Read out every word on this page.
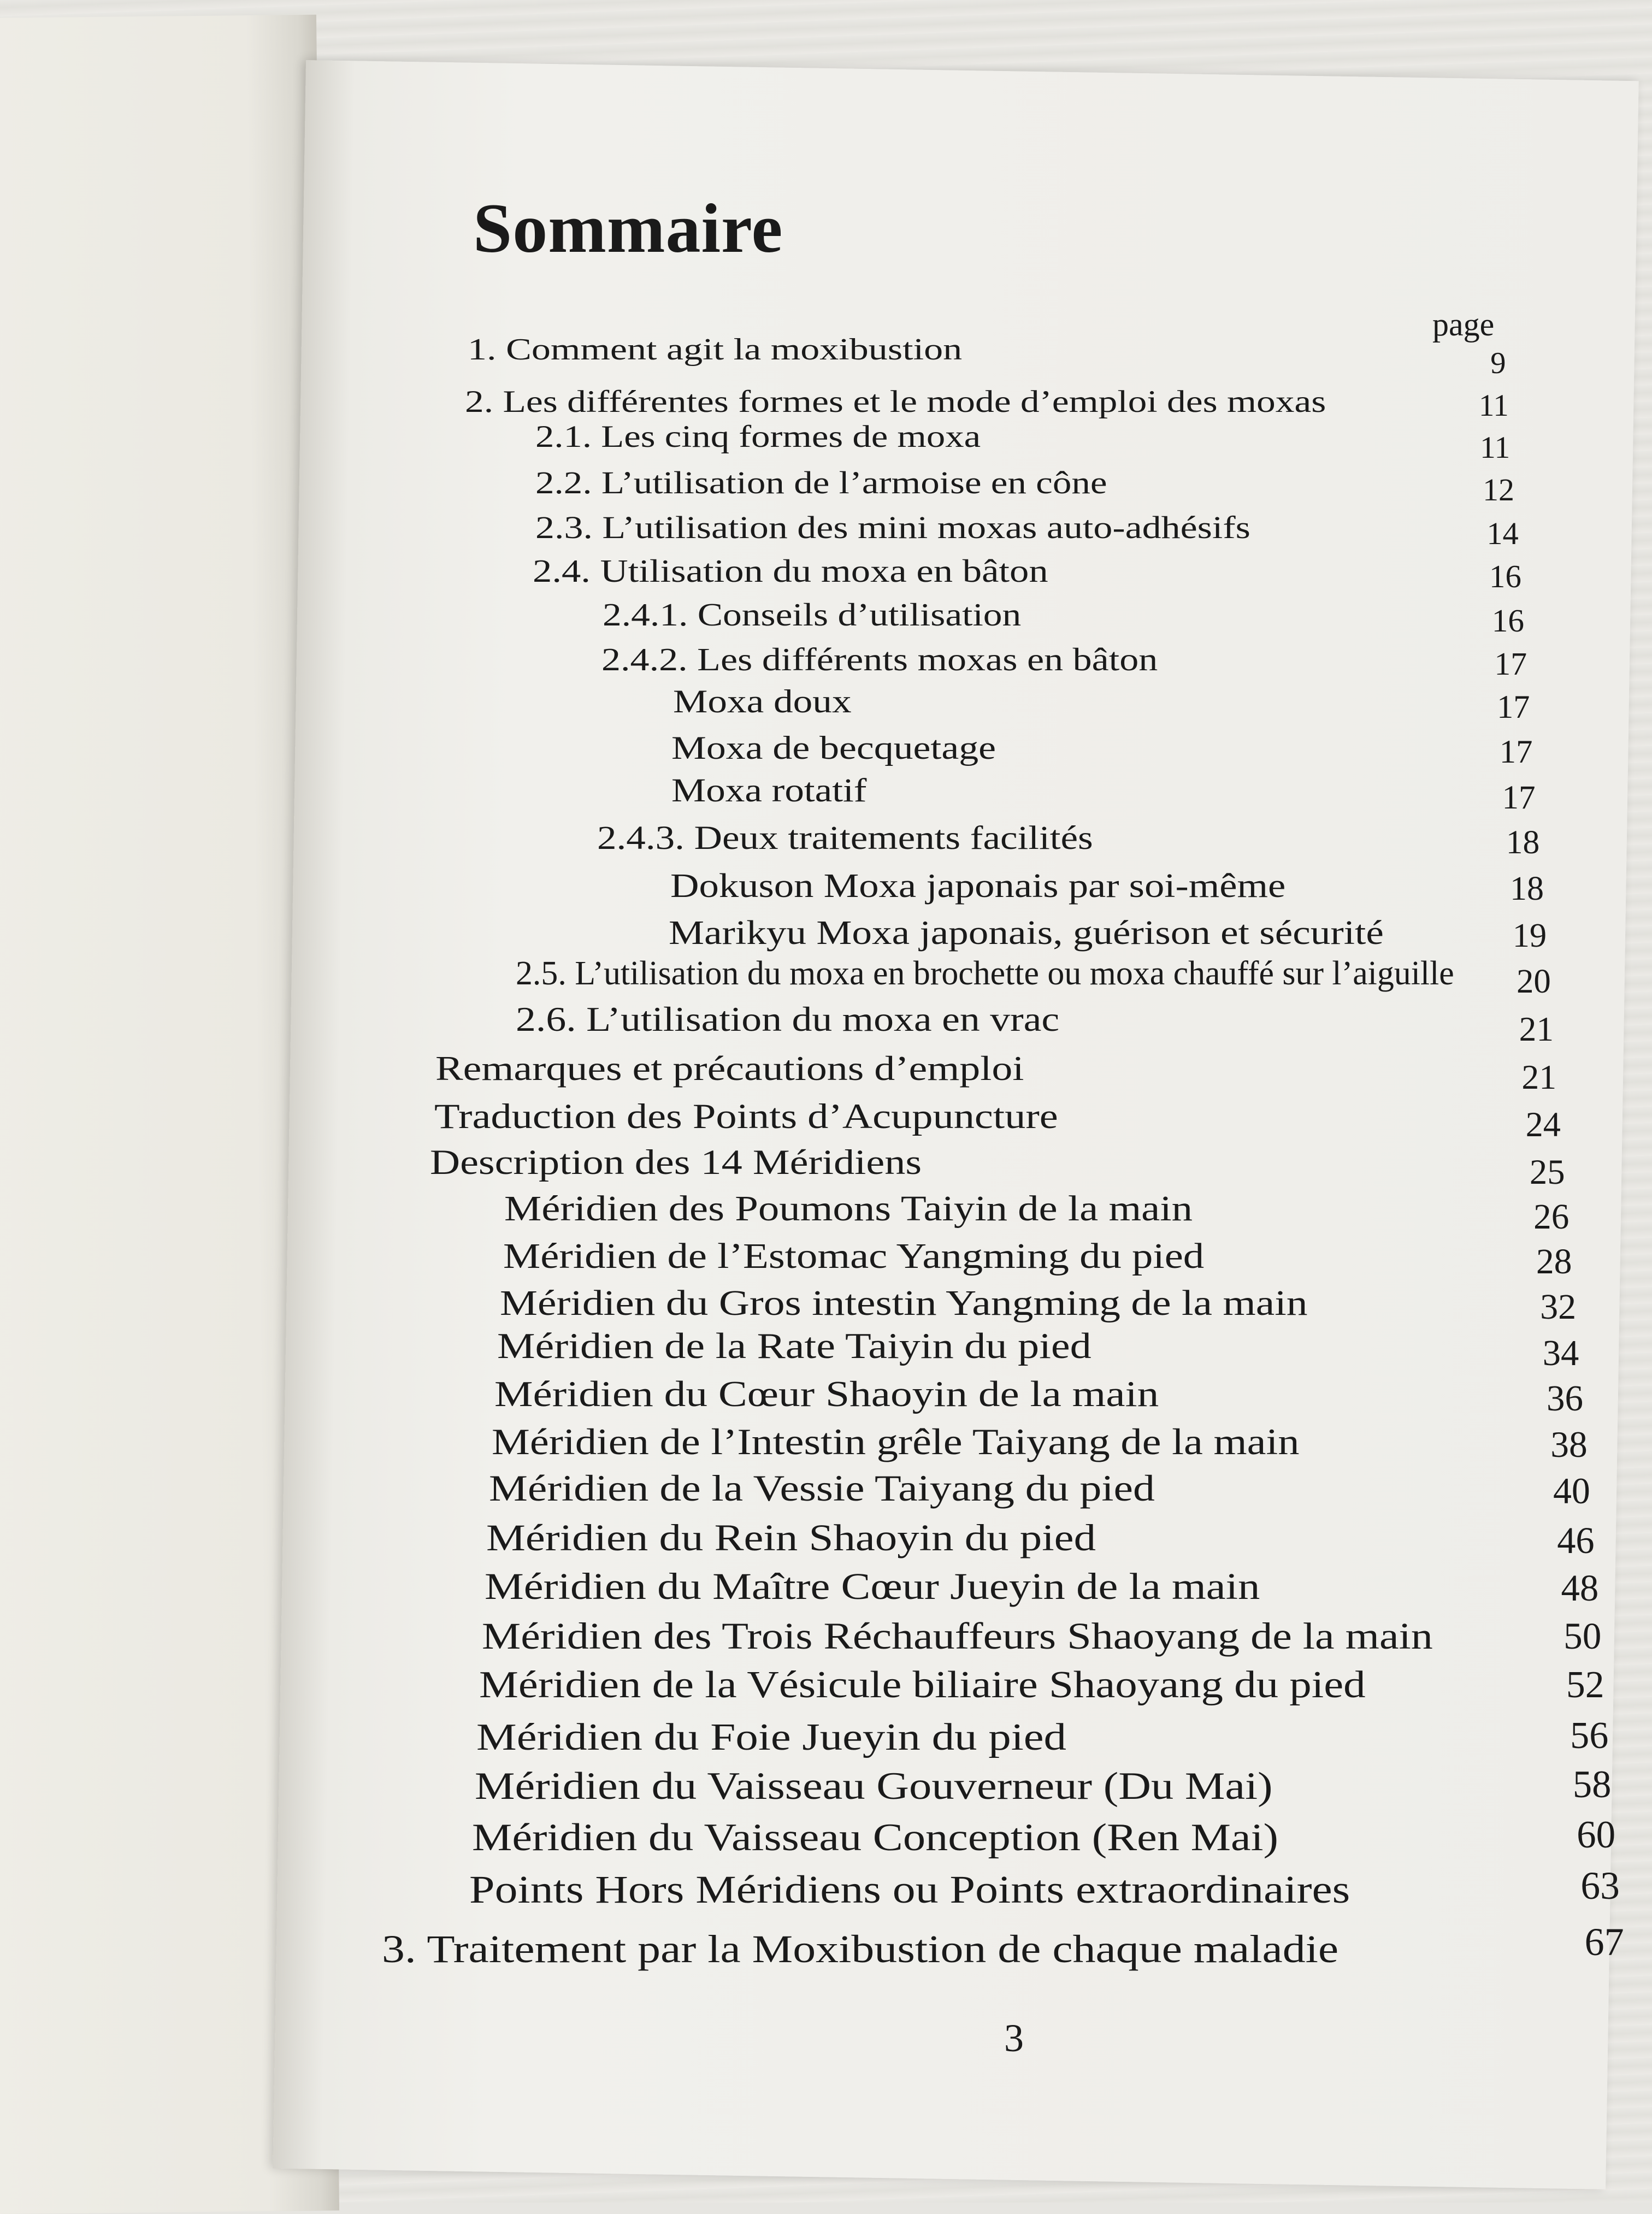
Sommaire
page
1. Comment agit la moxibustion	9
2. Les différentes formes et le mode d’emploi des moxas	11
2.1. Les cinq formes de moxa	11
2.2. L’utilisation de l’armoise en cône	12
2.3. L’utilisation des mini moxas auto-adhésifs	14
2.4. Utilisation du moxa en bâton	16
2.4.1. Conseils d’utilisation	16
2.4.2. Les différents moxas en bâton	17
Moxa doux	17
Moxa de becquetage	17
Moxa rotatif	17
2.4.3. Deux traitements facilités	18
Dokuson Moxa japonais par soi-même	18
Marikyu Moxa japonais, guérison et sécurité	19
2.5. L’utilisation du moxa en brochette ou moxa chauffé sur l’aiguille 20
2.6. L’utilisation du moxa en vrac	21
Remarques et précautions d’emploi	21
Traduction des Points d’Acupuncture	24
Description des 14 Méridiens	25
Méridien des Poumons Taiyin de la main	26
Méridien de l’Estomac Yangming du pied	28
Méridien du Gros intestin Yangming de la main	32
Méridien de la Rate Taiyin du pied	34
Méridien du Cœur Shaoyin de la main	36
Méridien de l’Intestin grêle Taiyang de la main	38
Méridien de la Vessie Taiyang du pied	40
Méridien du Rein Shaoyin du pied	46
Méridien du Maître Cœur Jueyin de la main	48
Méridien des Trois Réchauffeurs Shaoyang de la main	50
Méridien de la Vésicule biliaire Shaoyang du pied	52
Méridien du Foie Jueyin du pied	56
Méridien du Vaisseau Gouverneur (Du Mai)	58
Méridien du Vaisseau Conception (Ren Mai)	60
Points Hors Méridiens ou Points extraordinaires	63
3. Traitement par la Moxibustion de chaque maladie	67
3
